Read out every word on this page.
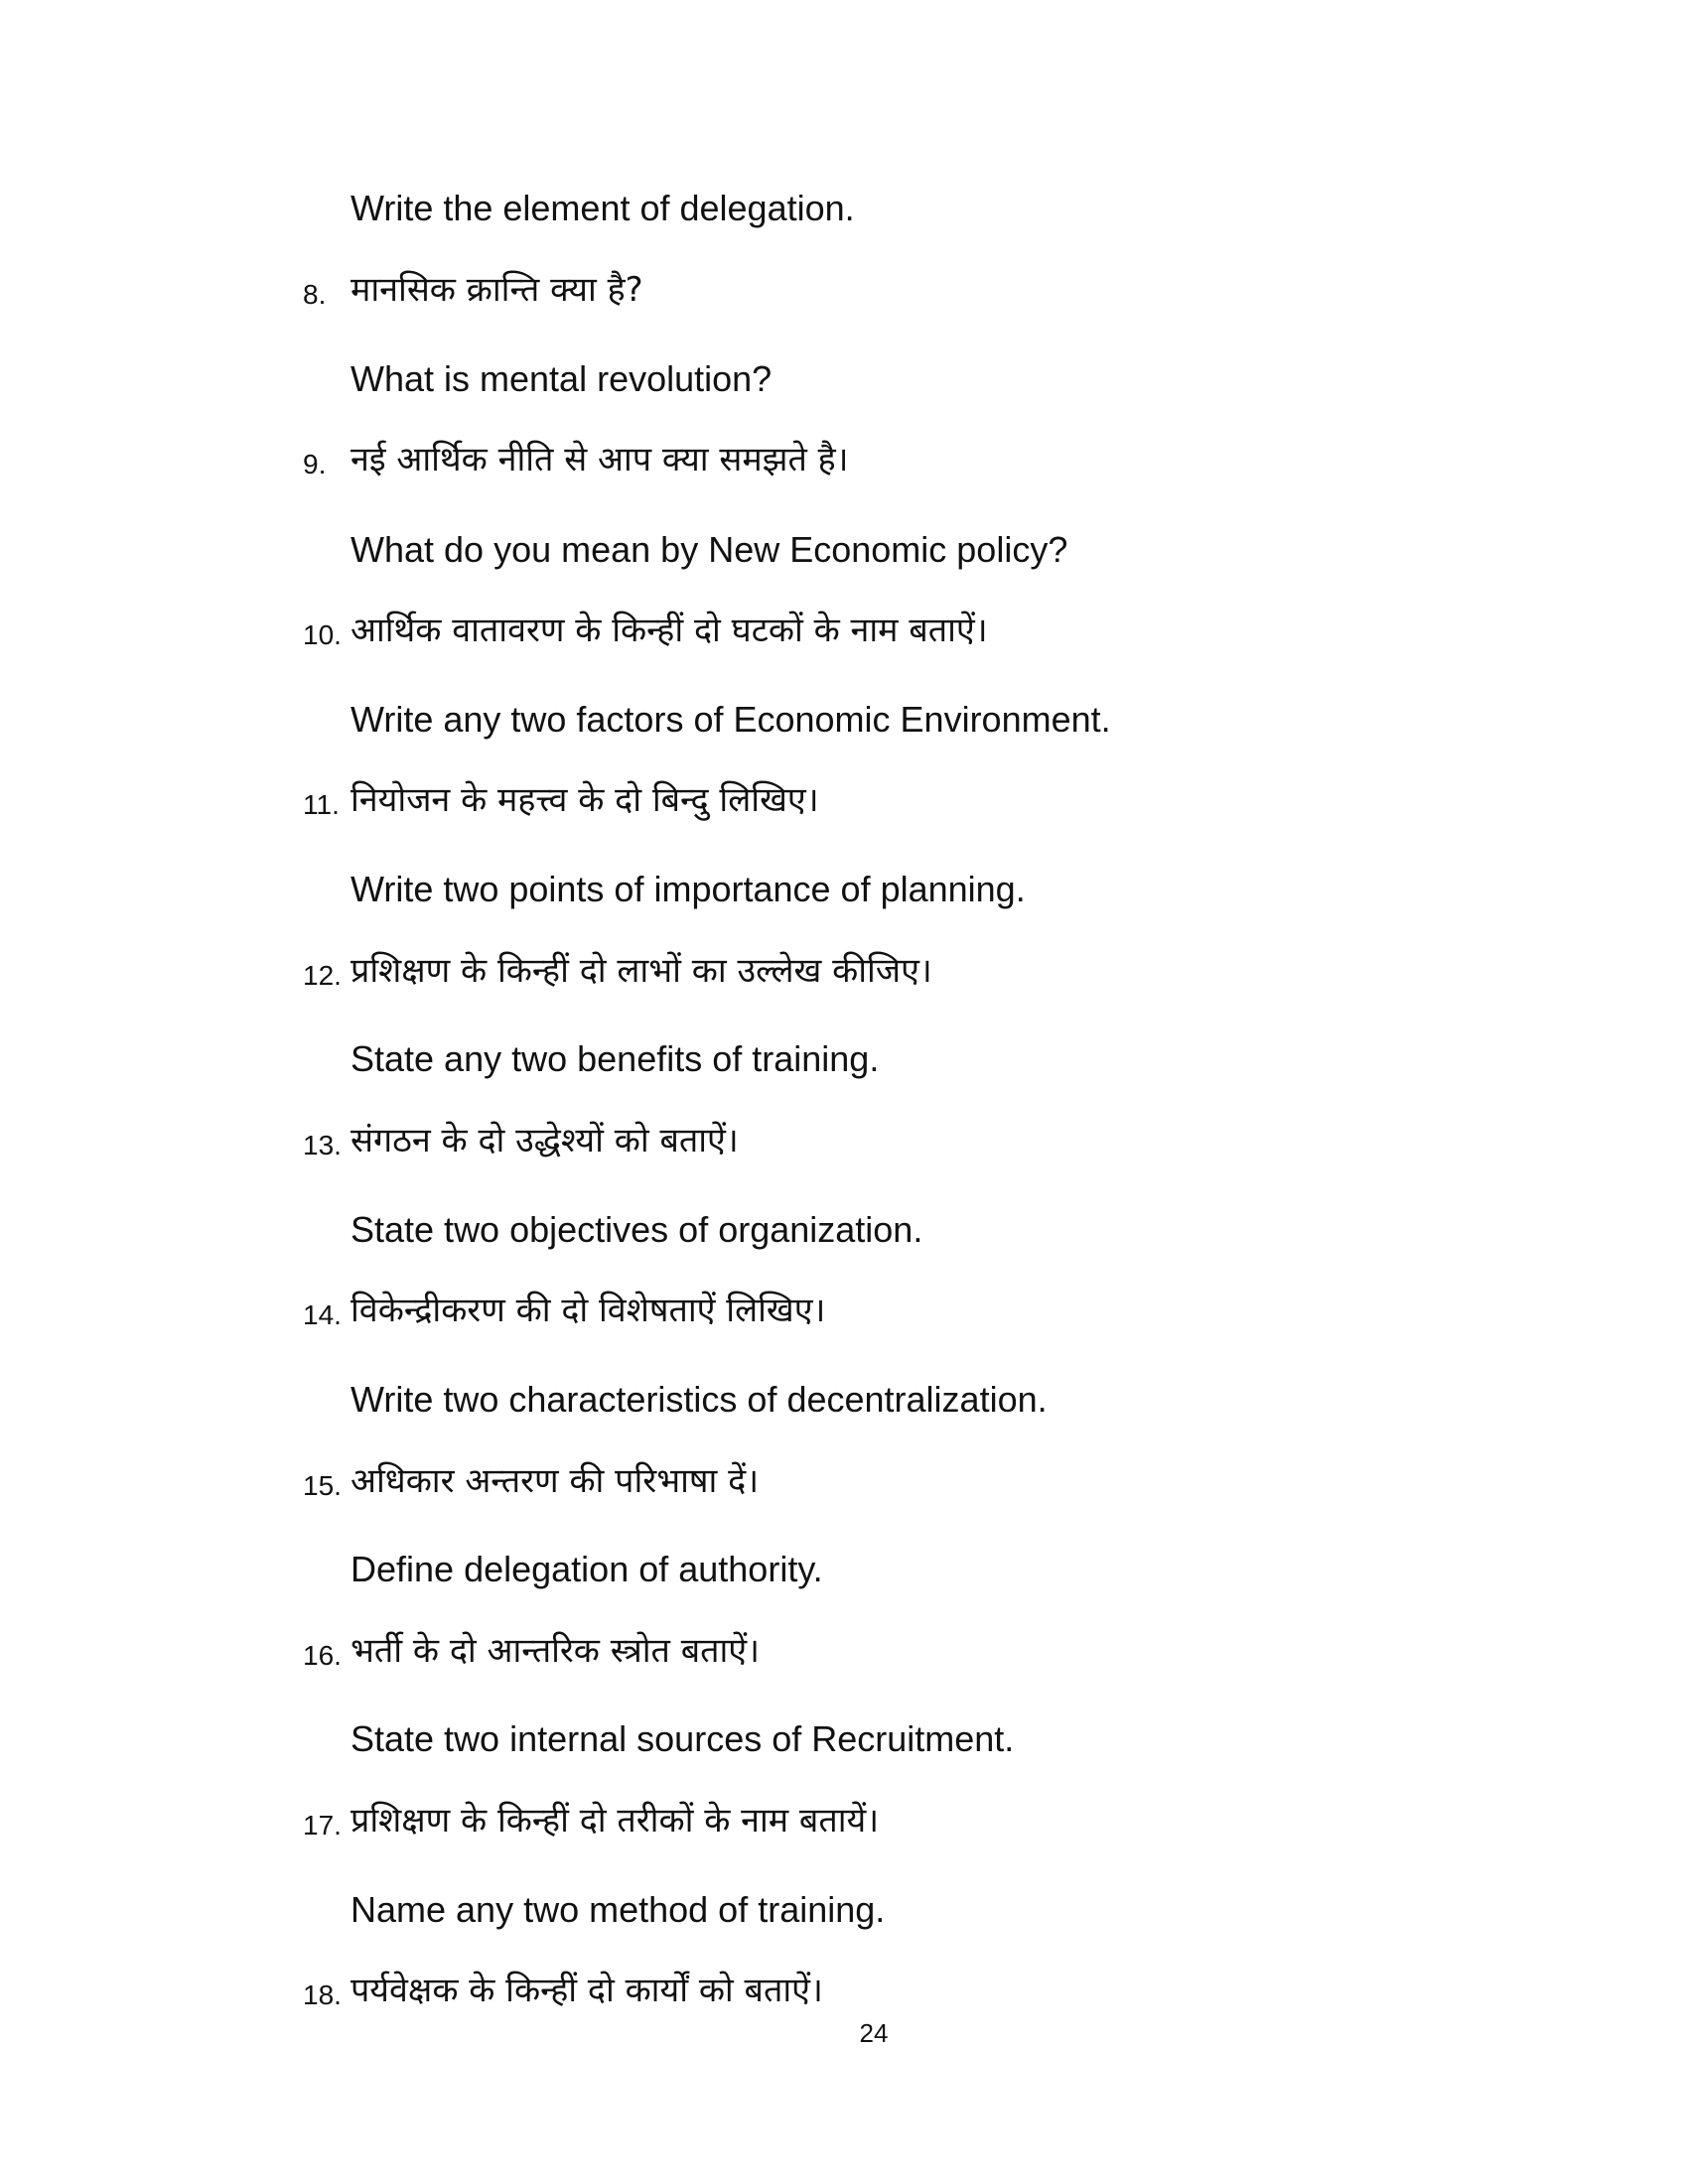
Write the element of delegation.
8. मानसिक क्रान्ति क्या है?
What is mental revolution?
9. नई आर्थिक नीति से आप क्या समझते है।
What do you mean by New Economic policy?
10. आर्थिक वातावरण के किन्हीं दो घटकों के नाम बताऐं।
Write any two factors of Economic Environment.
11. नियोजन के महत्त्व के दो बिन्दु लिखिए।
Write two points of importance of planning.
12. प्रशिक्षण के किन्हीं दो लाभों का उल्लेख कीजिए।
State any two benefits of training.
13. संगठन के दो उद्धेश्यों को बताऐं।
State two objectives of organization.
14. विकेन्द्रीकरण की दो विशेषताऐं लिखिए।
Write two characteristics of decentralization.
15. अधिकार अन्तरण की परिभाषा दें।
Define delegation of authority.
16. भर्ती के दो आन्तरिक स्त्रोत बताऐं।
State two internal sources of Recruitment.
17. प्रशिक्षण के किन्हीं दो तरीकों के नाम बतायें।
Name any two method of training.
18. पर्यवेक्षक के किन्हीं दो कार्यों को बताऐं।
24
